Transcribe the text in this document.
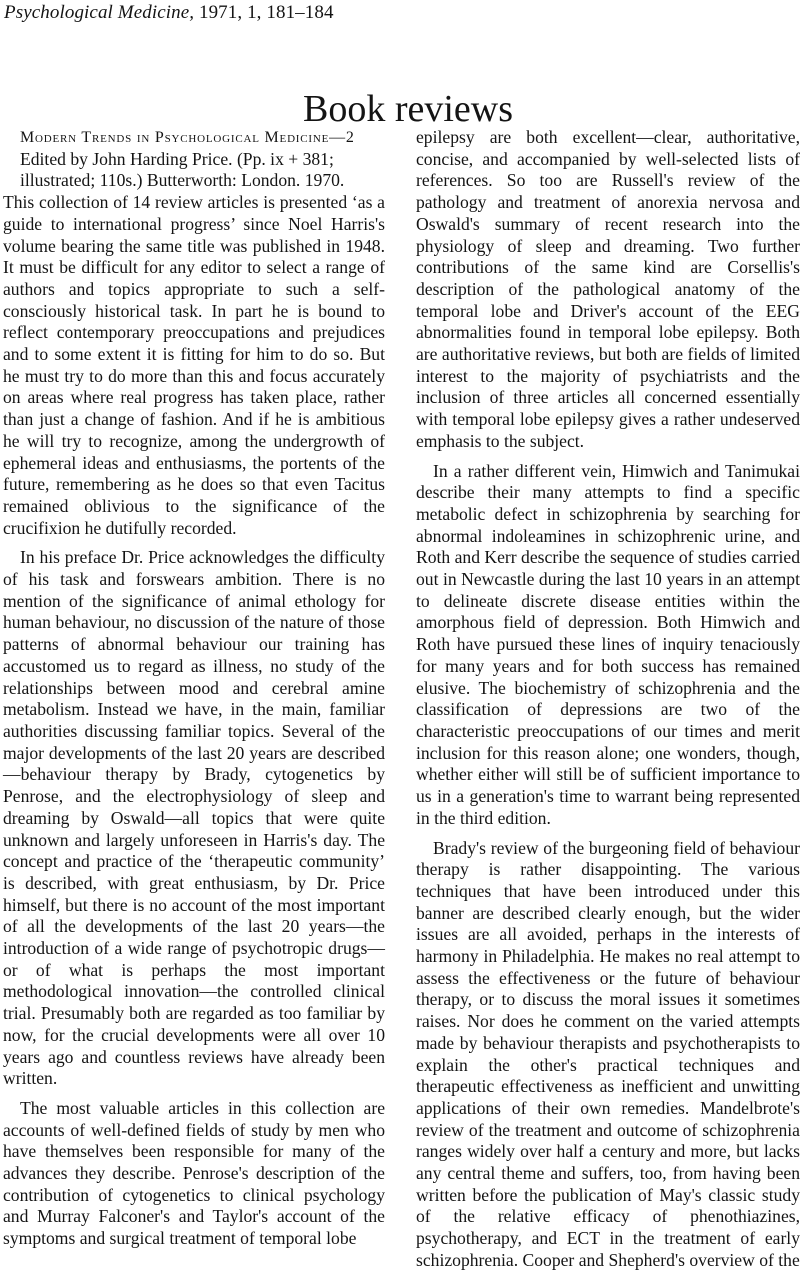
Psychological Medicine, 1971, 1, 181–184
Book reviews
Modern Trends in Psychological Medicine—2
Edited by John Harding Price. (Pp. ix + 381;
illustrated; 110s.) Butterworth: London. 1970.

This collection of 14 review articles is presented ‘as a guide to international progress’ since Noel Harris's volume bearing the same title was published in 1948. It must be difficult for any editor to select a range of authors and topics appropriate to such a self-consciously historical task. In part he is bound to reflect contemporary preoccupations and prejudices and to some extent it is fitting for him to do so. But he must try to do more than this and focus accurately on areas where real progress has taken place, rather than just a change of fashion. And if he is ambitious he will try to recognize, among the undergrowth of ephemeral ideas and enthusiasms, the portents of the future, remembering as he does so that even Tacitus remained oblivious to the significance of the crucifixion he dutifully recorded.

In his preface Dr. Price acknowledges the difficulty of his task and forswears ambition. There is no mention of the significance of animal ethology for human behaviour, no discussion of the nature of those patterns of abnormal behaviour our training has accustomed us to regard as illness, no study of the relationships between mood and cerebral amine metabolism. Instead we have, in the main, familiar authorities discussing familiar topics. Several of the major developments of the last 20 years are described —behaviour therapy by Brady, cytogenetics by Penrose, and the electrophysiology of sleep and dreaming by Oswald—all topics that were quite unknown and largely unforeseen in Harris's day. The concept and practice of the ‘therapeutic community’ is described, with great enthusiasm, by Dr. Price himself, but there is no account of the most important of all the developments of the last 20 years—the introduction of a wide range of psychotropic drugs—or of what is perhaps the most important methodological innovation—the controlled clinical trial. Presumably both are regarded as too familiar by now, for the crucial developments were all over 10 years ago and countless reviews have already been written.

The most valuable articles in this collection are accounts of well-defined fields of study by men who have themselves been responsible for many of the advances they describe. Penrose's description of the contribution of cytogenetics to clinical psychology and Murray Falconer's and Taylor's account of the symptoms and surgical treatment of temporal lobe

epilepsy are both excellent—clear, authoritative, concise, and accompanied by well-selected lists of references. So too are Russell's review of the pathology and treatment of anorexia nervosa and Oswald's summary of recent research into the physiology of sleep and dreaming. Two further contributions of the same kind are Corsellis's description of the pathological anatomy of the temporal lobe and Driver's account of the EEG abnormalities found in temporal lobe epilepsy. Both are authoritative reviews, but both are fields of limited interest to the majority of psychiatrists and the inclusion of three articles all concerned essentially with temporal lobe epilepsy gives a rather undeserved emphasis to the subject.

In a rather different vein, Himwich and Tanimukai describe their many attempts to find a specific metabolic defect in schizophrenia by searching for abnormal indoleamines in schizophrenic urine, and Roth and Kerr describe the sequence of studies carried out in Newcastle during the last 10 years in an attempt to delineate discrete disease entities within the amorphous field of depression. Both Himwich and Roth have pursued these lines of inquiry tenaciously for many years and for both success has remained elusive. The biochemistry of schizophrenia and the classification of depressions are two of the characteristic preoccupations of our times and merit inclusion for this reason alone; one wonders, though, whether either will still be of sufficient importance to us in a generation's time to warrant being represented in the third edition.

Brady's review of the burgeoning field of behaviour therapy is rather disappointing. The various techniques that have been introduced under this banner are described clearly enough, but the wider issues are all avoided, perhaps in the interests of harmony in Philadelphia. He makes no real attempt to assess the effectiveness or the future of behaviour therapy, or to discuss the moral issues it sometimes raises. Nor does he comment on the varied attempts made by behaviour therapists and psychotherapists to explain the other's practical techniques and therapeutic effectiveness as inefficient and unwitting applications of their own remedies. Mandelbrote's review of the treatment and outcome of schizophrenia ranges widely over half a century and more, but lacks any central theme and suffers, too, from having been written before the publication of May's classic study of the relative efficacy of phenothiazines, psychotherapy, and ECT in the treatment of early schizophrenia. Cooper and Shepherd's overview of the
